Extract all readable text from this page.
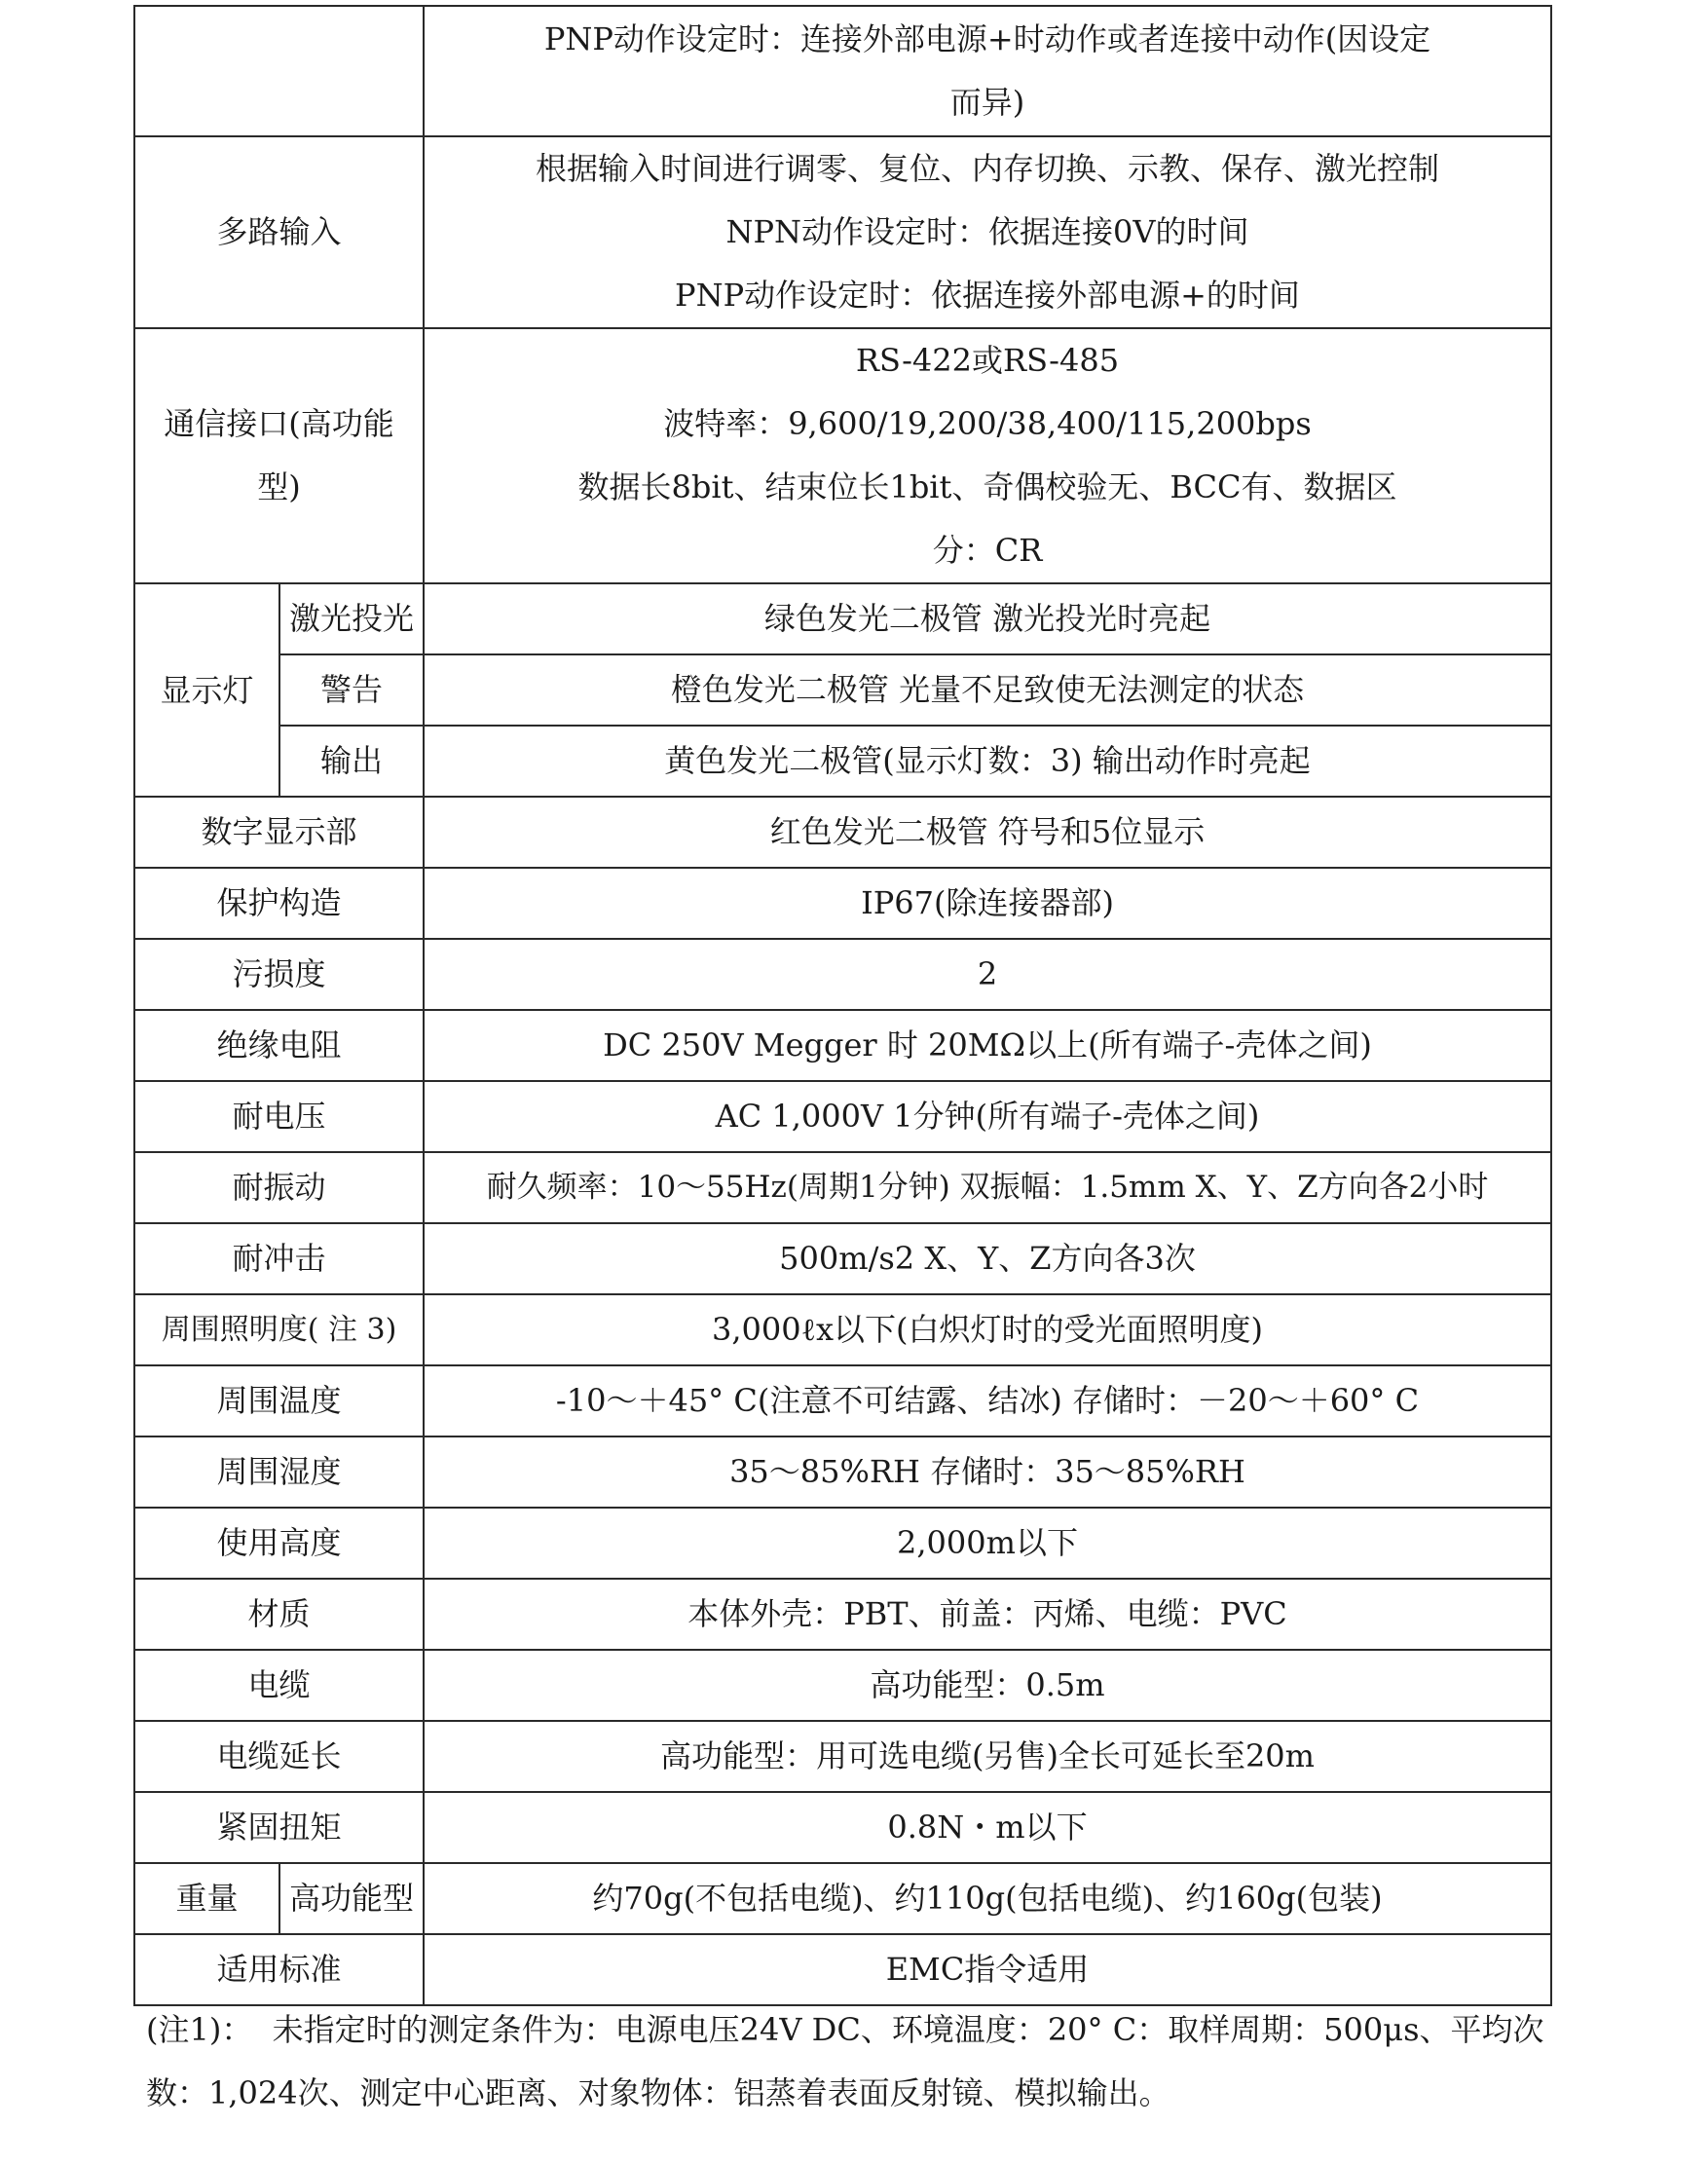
		PNP动作设定时：连接外部电源+时动作或者连接中动作(因设定而异)
多路输入		根据输入时间进行调零、复位、内存切换、示教、保存、激光控制
NPN动作设定时：依据连接0V的时间
PNP动作设定时：依据连接外部电源+的时间

通信接口(高功能型)		RS-422或RS-485
波特率：9,600/19,200/38,400/115,200bps
数据长8bit、结束位长1bit、奇偶校验无、BCC有、数据区分：CR

显示灯	激光投光	绿色发光二极管 激光投光时亮起
	警告	橙色发光二极管 光量不足致使无法测定的状态
	输出	黄色发光二极管(显示灯数：3) 输出动作时亮起
数字显示部		红色发光二极管 符号和5位显示
保护构造		IP67(除连接器部)
污损度		2
绝缘电阻		DC 250V Megger 时 20MΩ以上(所有端子-壳体之间)
耐电压		AC 1,000V 1分钟(所有端子-壳体之间)
耐振动		耐久频率：10～55Hz(周期1分钟) 双振幅：1.5mm X、Y、Z方向各2小时
耐冲击		500m/s2 X、Y、Z方向各3次
周围照明度( 注 3)		3,000ℓx以下(白炽灯时的受光面照明度)
周围温度		-10～＋45° C(注意不可结露、结冰) 存储时：－20～＋60° C
周围湿度		35～85%RH 存储时：35～85%RH
使用高度		2,000m以下
材质		本体外壳：PBT、前盖：丙烯、电缆：PVC
电缆		高功能型：0.5m
电缆延长		高功能型：用可选电缆(另售)全长可延长至20m
紧固扭矩		0.8N・m以下
重量	高功能型	约70g(不包括电缆)、约110g(包括电缆)、约160g(包装)
适用标准		EMC指令适用
(注1)：  未指定时的测定条件为：电源电压24V DC、环境温度：20° C：取样周期：500μs、平均次数：1,024次、测定中心距离、对象物体：铝蒸着表面反射镜、模拟输出。
